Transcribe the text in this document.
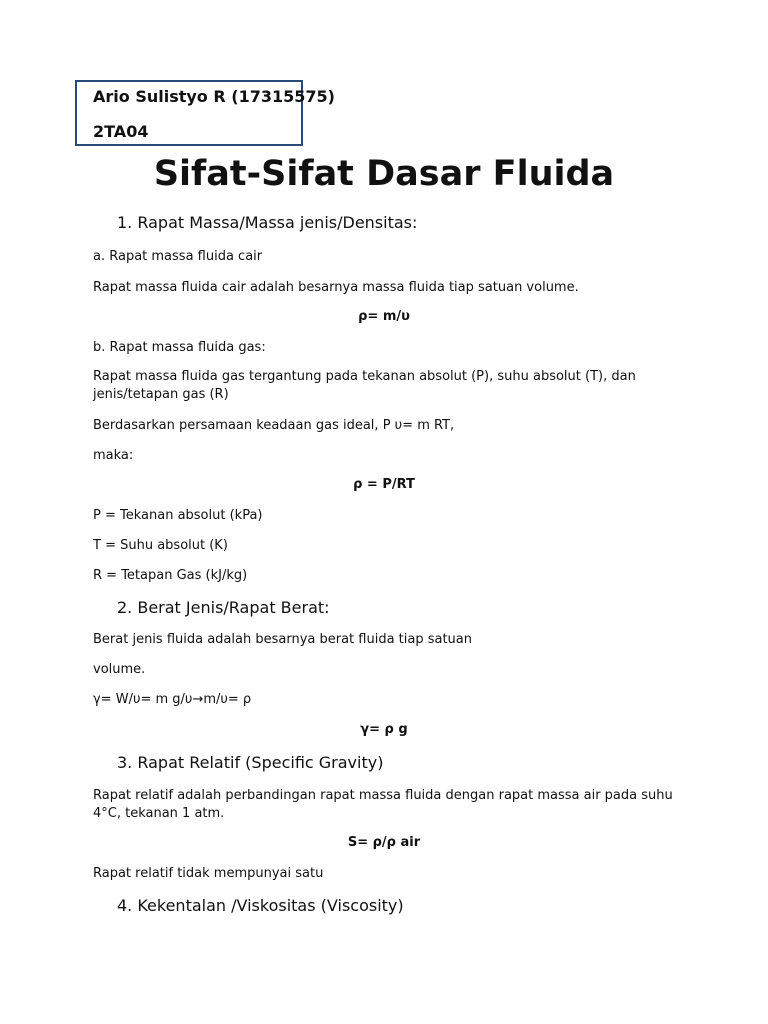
Ario Sulistyo R (17315575)
2TA04
Sifat-Sifat Dasar Fluida
1. Rapat Massa/Massa jenis/Densitas:
a. Rapat massa fluida cair
Rapat massa fluida cair adalah besarnya massa fluida tiap satuan volume.
ρ= m/υ
b. Rapat massa fluida gas:
Rapat massa fluida gas tergantung pada tekanan absolut (P), suhu absolut (T), dan jenis/tetapan gas (R)
Berdasarkan persamaan keadaan gas ideal, P υ= m RT,
maka:
ρ = P/RT
P = Tekanan absolut (kPa)
T = Suhu absolut (K)
R = Tetapan Gas (kJ/kg)
2. Berat Jenis/Rapat Berat:
Berat jenis fluida adalah besarnya berat fluida tiap satuan
volume.
γ= W/υ= m g/υ→m/υ= ρ
γ= ρ g
3. Rapat Relatif (Specific Gravity)
Rapat relatif adalah perbandingan rapat massa fluida dengan rapat massa air pada suhu 4°C, tekanan 1 atm.
S= ρ/ρ air
Rapat relatif tidak mempunyai satu
4. Kekentalan /Viskositas (Viscosity)
